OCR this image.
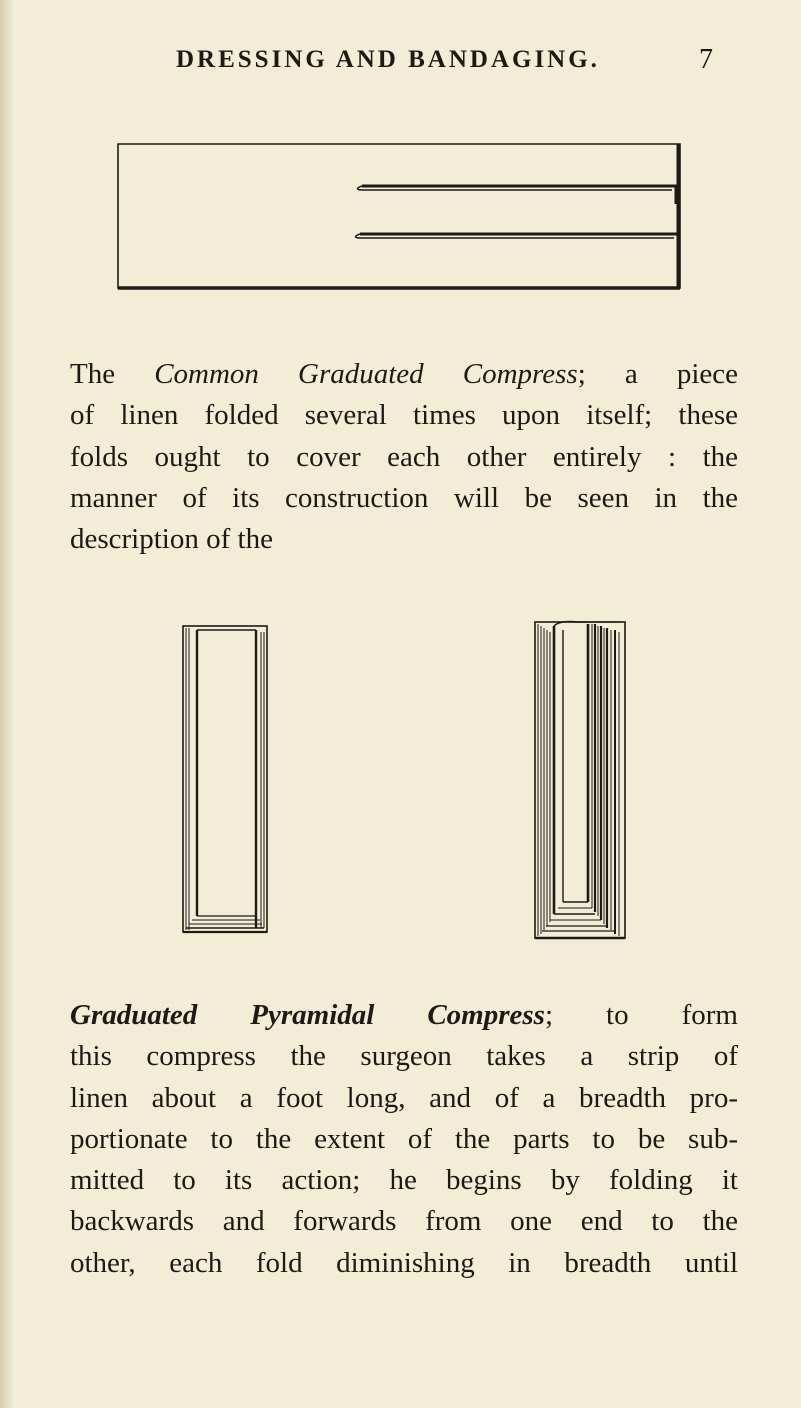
DRESSING AND BANDAGING.	7

The Common Graduated Compress; a piece
of linen folded several times upon itself; these
folds ought to cover each other entirely : the
manner of its construction will be seen in the
description of the

Graduated Pyramidal Compress; to form
this compress the surgeon takes a strip of
linen about a foot long, and of a breadth pro-
portionate to the extent of the parts to be sub-
mitted to its action; he begins by folding it
backwards and forwards from one end to the
other, each fold diminishing in breadth until
